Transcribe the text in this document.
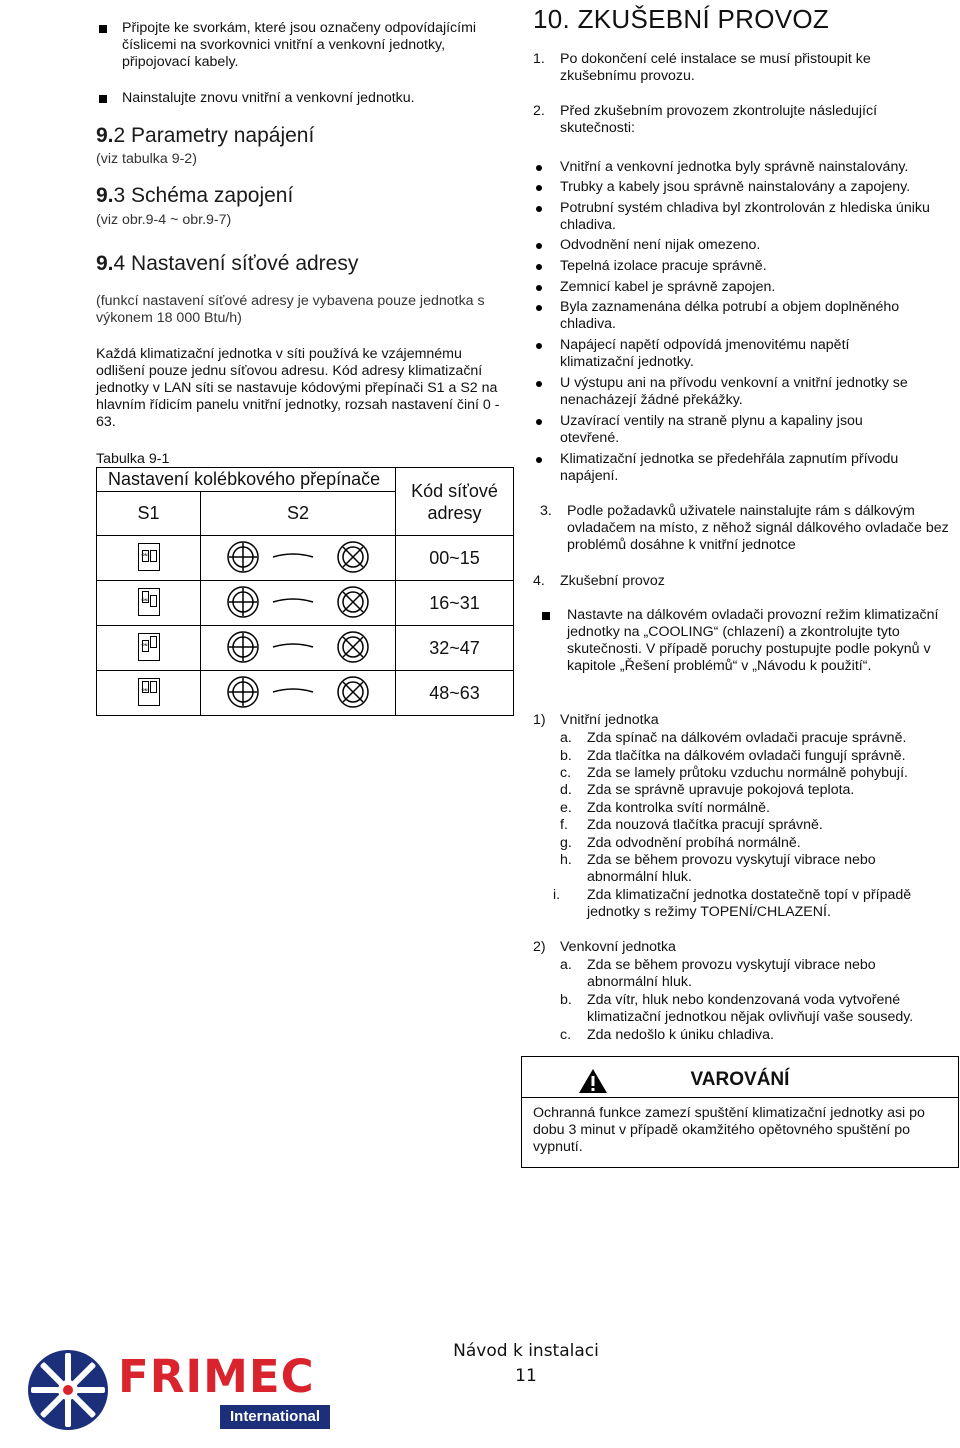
Připojte ke svorkám, které jsou označeny odpovídajícími číslicemi na svorkovnici vnitřní a venkovní jednotky, připojovací kabely.
Nainstalujte znovu vnitřní a venkovní jednotku.
9.2 Parametry napájení
(viz tabulka 9-2)
9.3 Schéma zapojení
(viz obr.9-4 ~ obr.9-7)
9.4 Nastavení síťové adresy
(funkcí nastavení síťové adresy je vybavena pouze jednotka s výkonem 18 000 Btu/h)
Každá klimatizační jednotka v síti používá ke vzájemnému odlišení pouze jednu síťovou adresu. Kód adresy klimatizační jednotky v LAN síti se nastavuje kódovými přepínači S1 a S2 na hlavním řídicím panelu vnitřní jednotky, rozsah nastavení činí 0 - 63.
Tabulka 9-1
Nastavení kolébkového přepínače		Kód síťové adresy
S1	S2	

ON		00~15

ON		16~31

ON		32~47

ON		48~63
10. ZKUŠEBNÍ PROVOZ
1. Po dokončení celé instalace se musí přistoupit ke zkušebnímu provozu.
2. Před zkušebním provozem zkontrolujte následující skutečnosti:
Vnitřní a venkovní jednotka byly správně nainstalovány.
Trubky a kabely jsou správně nainstalovány a zapojeny.
Potrubní systém chladiva byl zkontrolován z hlediska úniku chladiva.
Odvodnění není nijak omezeno.
Tepelná izolace pracuje správně.
Zemnicí kabel je správně zapojen.
Byla zaznamenána délka potrubí a objem doplněného chladiva.
Napájecí napětí odpovídá jmenovitému napětí klimatizační jednotky.
U výstupu ani na přívodu venkovní a vnitřní jednotky se nenacházejí žádné překážky.
Uzavírací ventily na straně plynu a kapaliny jsou otevřené.
Klimatizační jednotka se předehřála zapnutím přívodu napájení.
3. Podle požadavků uživatele nainstalujte rám s dálkovým ovladačem na místo, z něhož signál dálkového ovladače bez problémů dosáhne k vnitřní jednotce
4. Zkušební provoz
Nastavte na dálkovém ovladači provozní režim klimatizační jednotky na „COOLING“ (chlazení) a zkontrolujte tyto skutečnosti. V případě poruchy postupujte podle pokynů v kapitole „Řešení problémů“ v „Návodu k použití“.
1) Vnitřní jednotka
a. Zda spínač na dálkovém ovladači pracuje správně.
b. Zda tlačítka na dálkovém ovladači fungují správně.
c. Zda se lamely průtoku vzduchu normálně pohybují.
d. Zda se správně upravuje pokojová teplota.
e. Zda kontrolka svítí normálně.
f. Zda nouzová tlačítka pracují správně.
g. Zda odvodnění probíhá normálně.
h. Zda se během provozu vyskytují vibrace nebo abnormální hluk.
i. Zda klimatizační jednotka dostatečně topí v případě jednotky s režimy TOPENÍ/CHLAZENÍ.
2) Venkovní jednotka
a. Zda se během provozu vyskytují vibrace nebo abnormální hluk.
b. Zda vítr, hluk nebo kondenzovaná voda vytvořené klimatizační jednotkou nějak ovlivňují vaše sousedy.
c. Zda nedošlo k úniku chladiva.
VAROVÁNÍ
Ochranná funkce zamezí spuštění klimatizační jednotky asi po dobu 3 minut v případě okamžitého opětovného spuštění po vypnutí.
Návod k instalaci
11
FRIMEC
International
